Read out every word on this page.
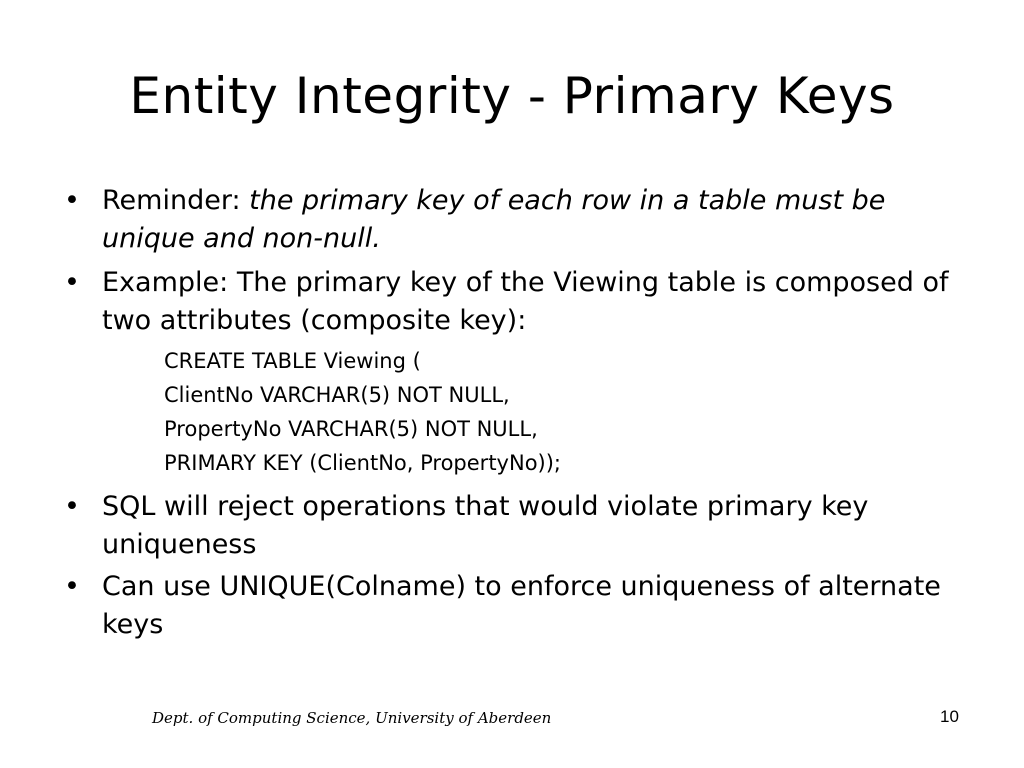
Entity Integrity - Primary Keys
• Reminder: the primary key of each row in a table must be unique and non-null.
• Example: The primary key of the Viewing table is composed of two attributes (composite key):
CREATE TABLE Viewing (
ClientNo VARCHAR(5) NOT NULL,
PropertyNo VARCHAR(5) NOT NULL,
PRIMARY KEY (ClientNo, PropertyNo));
• SQL will reject operations that would violate primary key uniqueness
• Can use UNIQUE(Colname) to enforce uniqueness of alternate keys
Dept. of Computing Science, University of Aberdeen	10
